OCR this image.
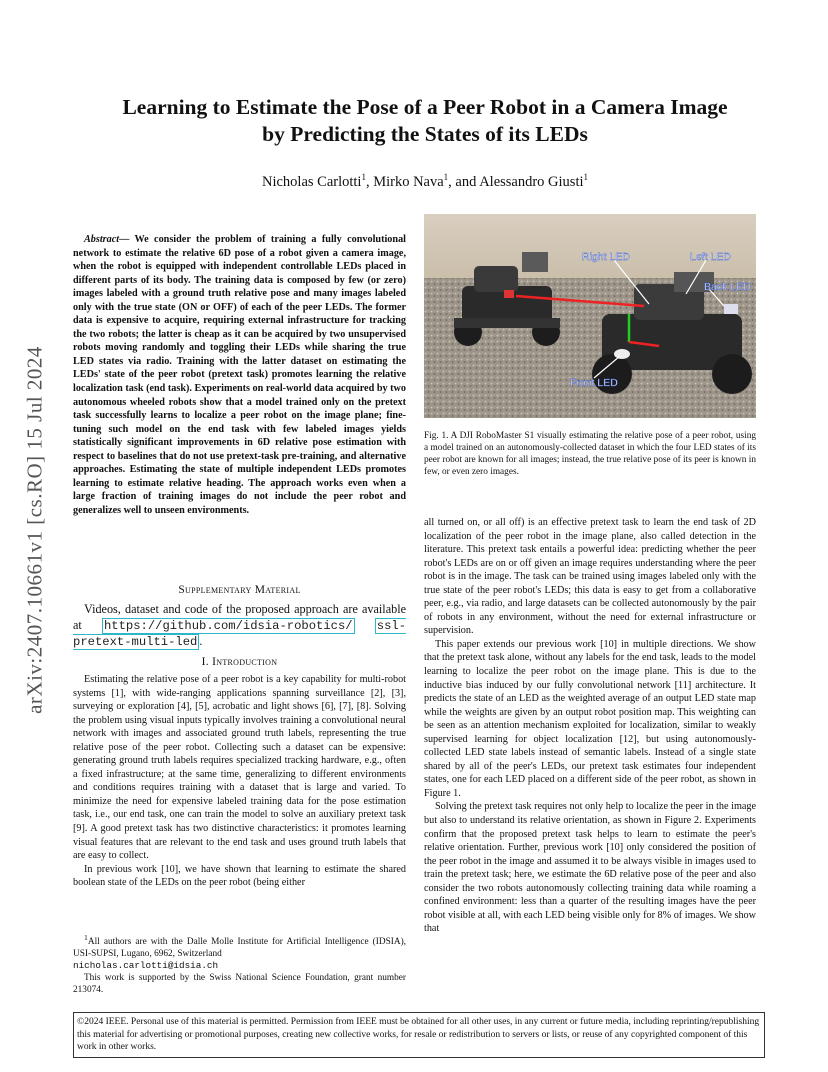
arXiv:2407.10661v1 [cs.RO] 15 Jul 2024
Learning to Estimate the Pose of a Peer Robot in a Camera Image
by Predicting the States of its LEDs
Nicholas Carlotti$^1$, Mirko Nava$^1$, and Alessandro Giusti$^1$

Abstract— We consider the problem of training a fully convolutional network to estimate the relative 6D pose of a robot given a camera image, when the robot is equipped with independent controllable LEDs placed in different parts of its body. The training data is composed by few (or zero) images labeled with a ground truth relative pose and many images labeled only with the true state (ON or OFF) of each of the peer LEDs. The former data is expensive to acquire, requiring external infrastructure for tracking the two robots; the latter is cheap as it can be acquired by two unsupervised robots moving randomly and toggling their LEDs while sharing the true LED states via radio. Training with the latter dataset on estimating the LEDs' state of the peer robot (pretext task) promotes learning the relative localization task (end task). Experiments on real-world data acquired by two autonomous wheeled robots show that a model trained only on the pretext task successfully learns to localize a peer robot on the image plane; fine-tuning such model on the end task with few labeled images yields statistically significant improvements in 6D relative pose estimation with respect to baselines that do not use pretext-task pre-training, and alternative approaches. Estimating the state of multiple independent LEDs promotes learning to estimate relative heading. The approach works even when a large fraction of training images do not include the peer robot and generalizes well to unseen environments.

Supplementary Material

Videos, dataset and code of the proposed approach are available at https://github.com/idsia-robotics/ ssl-pretext-multi-led .

I. Introduction

Estimating the relative pose of a peer robot is a key capability for multi-robot systems [1], with wide-ranging applications spanning surveillance [2], [3], surveying or exploration [4], [5], acrobatic and light shows [6], [7], [8]. Solving the problem using visual inputs typically involves training a convolutional neural network with images and associated ground truth labels, representing the true relative pose of the peer robot. Collecting such a dataset can be expensive: generating ground truth labels requires specialized tracking hardware, e.g., often a fixed infrastructure; at the same time, generalizing to different environments and conditions requires training with a dataset that is large and varied. To minimize the need for expensive labeled training data for the pose estimation task, i.e., our end task, one can train the model to solve an auxiliary pretext task [9]. A good pretext task has two distinctive characteristics: it promotes learning visual features that are relevant to the end task and uses ground truth labels that are easy to collect.

In previous work [10], we have shown that learning to estimate the shared boolean state of the LEDs on the peer robot (being either

$^1$All authors are with the Dalle Molle Institute for Artificial Intelligence (IDSIA), USI-SUPSI, Lugano, 6962, Switzerland
nicholas.carlotti@idsia.ch

This work is supported by the Swiss National Science Foundation, grant number 213074.

Right LED	Left LED
Back LED
Front LED
Fig. 1. A DJI RoboMaster S1 visually estimating the relative pose of a peer robot, using a model trained on an autonomously-collected dataset in which the four LED states of its peer robot are known for all images; instead, the true relative pose of its peer is known in few, or even zero images.

all turned on, or all off) is an effective pretext task to learn the end task of 2D localization of the peer robot in the image plane, also called detection in the literature. This pretext task entails a powerful idea: predicting whether the peer robot's LEDs are on or off given an image requires understanding where the peer robot is in the image. The task can be trained using images labeled only with the true state of the peer robot's LEDs; this data is easy to get from a collaborative peer, e.g., via radio, and large datasets can be collected autonomously by the pair of robots in any environment, without the need for external infrastructure or supervision.

This paper extends our previous work [10] in multiple directions. We show that the pretext task alone, without any labels for the end task, leads to the model learning to localize the peer robot on the image plane. This is due to the inductive bias induced by our fully convolutional network [11] architecture. It predicts the state of an LED as the weighted average of an output LED state map while the weights are given by an output robot position map. This weighting can be seen as an attention mechanism exploited for localization, similar to weakly supervised learning for object localization [12], but using autonomously-collected LED state labels instead of semantic labels. Instead of a single state shared by all of the peer's LEDs, our pretext task estimates four independent states, one for each LED placed on a different side of the peer robot, as shown in Figure 1.

Solving the pretext task requires not only help to localize the peer in the image but also to understand its relative orientation, as shown in Figure 2. Experiments confirm that the proposed pretext task helps to learn to estimate the peer's relative orientation. Further, previous work [10] only considered the position of the peer robot in the image and assumed it to be always visible in images used to train the pretext task; here, we estimate the 6D relative pose of the peer and also consider the two robots autonomously collecting training data while roaming a confined environment: less than a quarter of the resulting images have the peer robot visible at all, with each LED being visible only for 8% of images. We show that

©2024 IEEE. Personal use of this material is permitted. Permission from IEEE must be obtained for all other uses, in any current or future media, including reprinting/republishing this material for advertising or promotional purposes, creating new collective works, for resale or redistribution to servers or lists, or reuse of any copyrighted component of this work in other works.
